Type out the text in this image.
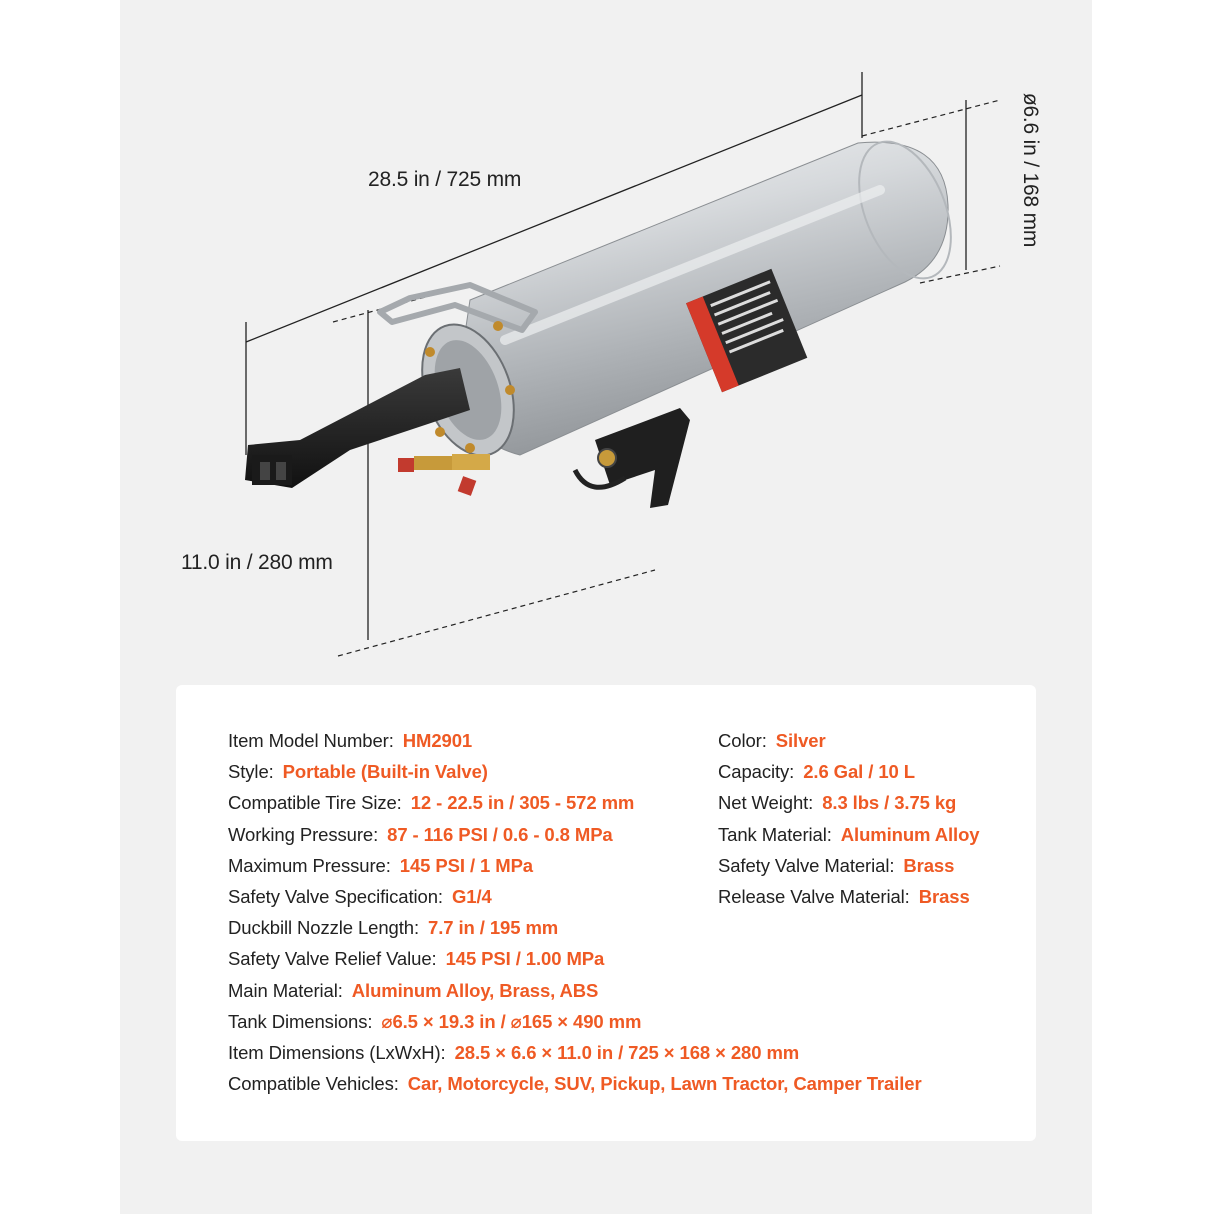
28.5 in / 725 mm	ø6.6 in / 168 mm
11.0 in / 280 mm
Item Model Number: HM2901
Style: Portable (Built-in Valve)
Compatible Tire Size: 12 - 22.5 in / 305 - 572 mm
Working Pressure: 87 - 116 PSI / 0.6 - 0.8 MPa
Maximum Pressure: 145 PSI / 1 MPa
Safety Valve Specification: G1/4
Duckbill Nozzle Length: 7.7 in / 195 mm
Safety Valve Relief Value: 145 PSI / 1.00 MPa
Main Material: Aluminum Alloy, Brass, ABS
Tank Dimensions: ⌀6.5 × 19.3 in / ⌀165 × 490 mm
Item Dimensions (LxWxH): 28.5 × 6.6 × 11.0 in / 725 × 168 × 280 mm
Compatible Vehicles: Car, Motorcycle, SUV, Pickup, Lawn Tractor, Camper Trailer
Color: Silver
Capacity: 2.6 Gal / 10 L
Net Weight: 8.3 lbs / 3.75 kg
Tank Material: Aluminum Alloy
Safety Valve Material: Brass
Release Valve Material: Brass
